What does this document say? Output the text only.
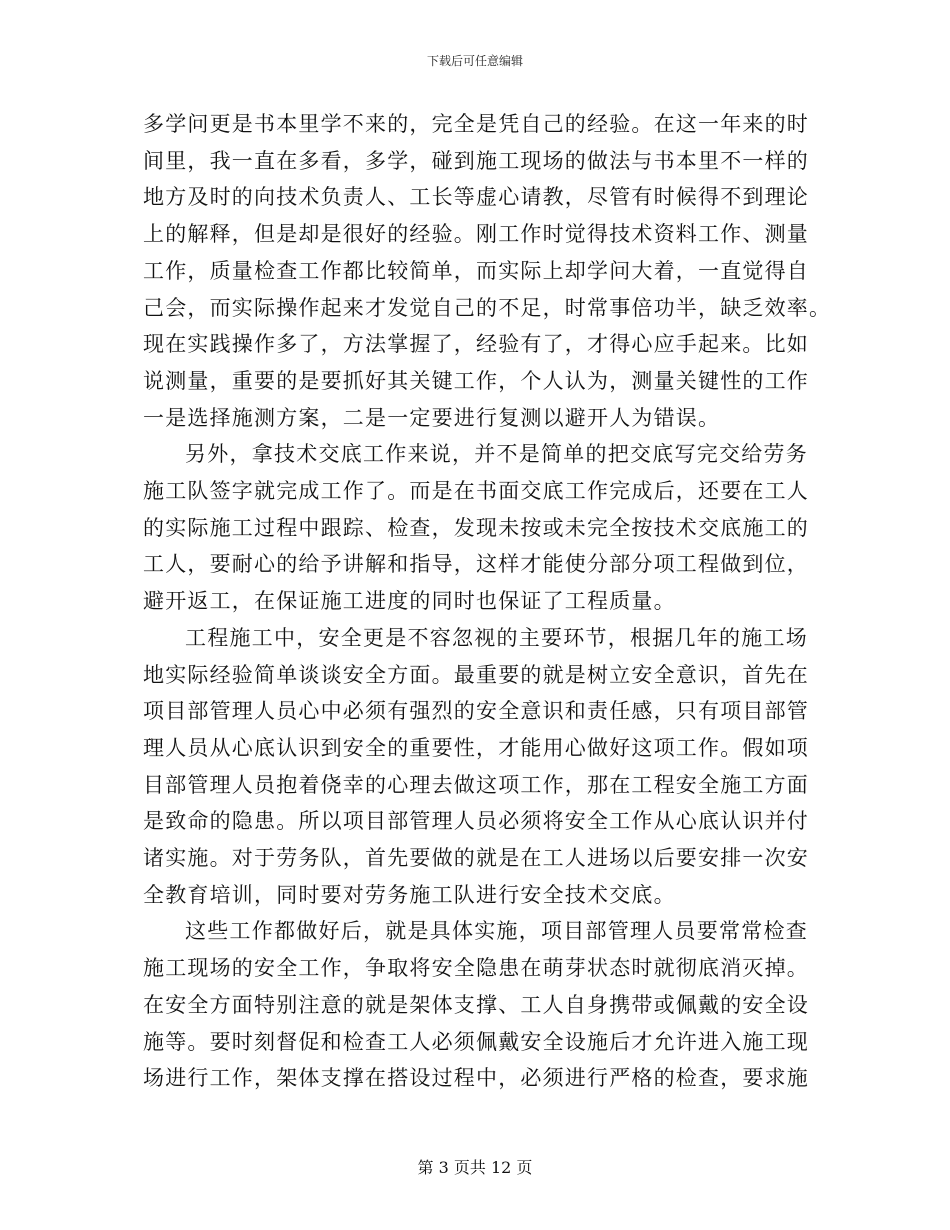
下载后可任意编辑
多学问更是书本里学不来的，完全是凭自己的经验。在这一年来的时
间里，我一直在多看，多学，碰到施工现场的做法与书本里不一样的
地方及时的向技术负责人、工长等虚心请教，尽管有时候得不到理论
上的解释，但是却是很好的经验。刚工作时觉得技术资料工作、测量
工作，质量检查工作都比较简单，而实际上却学问大着，一直觉得自
己会，而实际操作起来才发觉自己的不足，时常事倍功半，缺乏效率。
现在实践操作多了，方法掌握了，经验有了，才得心应手起来。比如
说测量，重要的是要抓好其关键工作，个人认为，测量关键性的工作
一是选择施测方案，二是一定要进行复测以避开人为错误。
另外，拿技术交底工作来说，并不是简单的把交底写完交给劳务
施工队签字就完成工作了。而是在书面交底工作完成后，还要在工人
的实际施工过程中跟踪、检查，发现未按或未完全按技术交底施工的
工人，要耐心的给予讲解和指导，这样才能使分部分项工程做到位，
避开返工，在保证施工进度的同时也保证了工程质量。
工程施工中，安全更是不容忽视的主要环节，根据几年的施工场
地实际经验简单谈谈安全方面。最重要的就是树立安全意识，首先在
项目部管理人员心中必须有强烈的安全意识和责任感，只有项目部管
理人员从心底认识到安全的重要性，才能用心做好这项工作。假如项
目部管理人员抱着侥幸的心理去做这项工作，那在工程安全施工方面
是致命的隐患。所以项目部管理人员必须将安全工作从心底认识并付
诸实施。对于劳务队，首先要做的就是在工人进场以后要安排一次安
全教育培训，同时要对劳务施工队进行安全技术交底。
这些工作都做好后，就是具体实施，项目部管理人员要常常检查
施工现场的安全工作，争取将安全隐患在萌芽状态时就彻底消灭掉。
在安全方面特别注意的就是架体支撑、工人自身携带或佩戴的安全设
施等。要时刻督促和检查工人必须佩戴安全设施后才允许进入施工现
场进行工作，架体支撑在搭设过程中，必须进行严格的检查，要求施
第 3 页共 12 页
